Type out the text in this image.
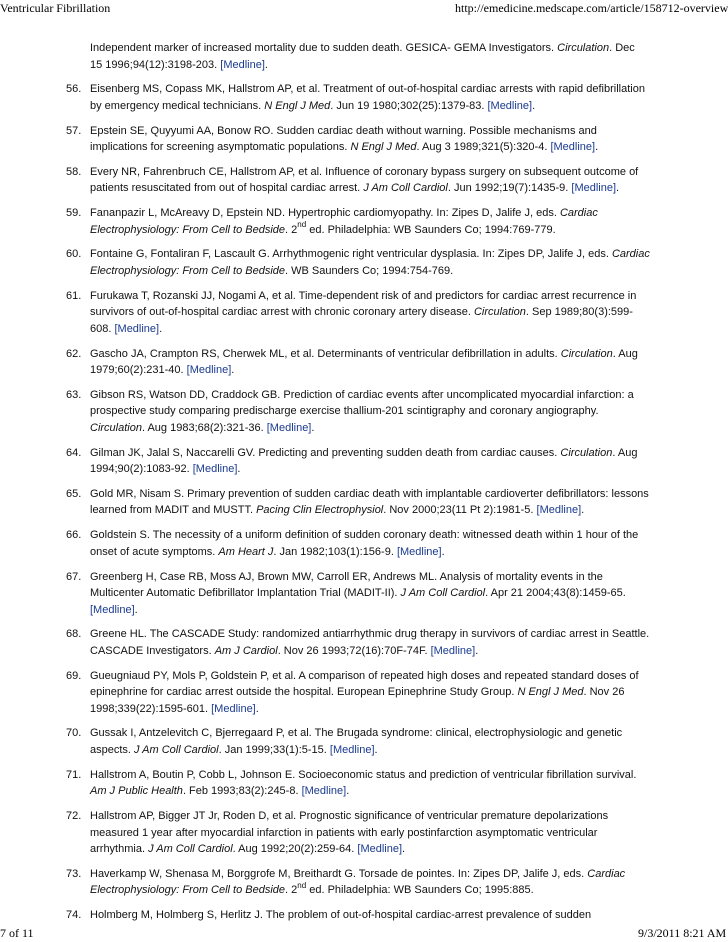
Ventricular Fibrillation	http://emedicine.medscape.com/article/158712-overview
Independent marker of increased mortality due to sudden death. GESICA- GEMA Investigators. Circulation. Dec 15 1996;94(12):3198-203. [Medline].
56. Eisenberg MS, Copass MK, Hallstrom AP, et al. Treatment of out-of-hospital cardiac arrests with rapid defibrillation by emergency medical technicians. N Engl J Med. Jun 19 1980;302(25):1379-83. [Medline].
57. Epstein SE, Quyyumi AA, Bonow RO. Sudden cardiac death without warning. Possible mechanisms and implications for screening asymptomatic populations. N Engl J Med. Aug 3 1989;321(5):320-4. [Medline].
58. Every NR, Fahrenbruch CE, Hallstrom AP, et al. Influence of coronary bypass surgery on subsequent outcome of patients resuscitated from out of hospital cardiac arrest. J Am Coll Cardiol. Jun 1992;19(7):1435-9. [Medline].
59. Fananpazir L, McAreavy D, Epstein ND. Hypertrophic cardiomyopathy. In: Zipes D, Jalife J, eds. Cardiac Electrophysiology: From Cell to Bedside. 2nd ed. Philadelphia: WB Saunders Co; 1994:769-779.
60. Fontaine G, Fontaliran F, Lascault G. Arrhythmogenic right ventricular dysplasia. In: Zipes DP, Jalife J, eds. Cardiac Electrophysiology: From Cell to Bedside. WB Saunders Co; 1994:754-769.
61. Furukawa T, Rozanski JJ, Nogami A, et al. Time-dependent risk of and predictors for cardiac arrest recurrence in survivors of out-of-hospital cardiac arrest with chronic coronary artery disease. Circulation. Sep 1989;80(3):599-608. [Medline].
62. Gascho JA, Crampton RS, Cherwek ML, et al. Determinants of ventricular defibrillation in adults. Circulation. Aug 1979;60(2):231-40. [Medline].
63. Gibson RS, Watson DD, Craddock GB. Prediction of cardiac events after uncomplicated myocardial infarction: a prospective study comparing predischarge exercise thallium-201 scintigraphy and coronary angiography. Circulation. Aug 1983;68(2):321-36. [Medline].
64. Gilman JK, Jalal S, Naccarelli GV. Predicting and preventing sudden death from cardiac causes. Circulation. Aug 1994;90(2):1083-92. [Medline].
65. Gold MR, Nisam S. Primary prevention of sudden cardiac death with implantable cardioverter defibrillators: lessons learned from MADIT and MUSTT. Pacing Clin Electrophysiol. Nov 2000;23(11 Pt 2):1981-5. [Medline].
66. Goldstein S. The necessity of a uniform definition of sudden coronary death: witnessed death within 1 hour of the onset of acute symptoms. Am Heart J. Jan 1982;103(1):156-9. [Medline].
67. Greenberg H, Case RB, Moss AJ, Brown MW, Carroll ER, Andrews ML. Analysis of mortality events in the Multicenter Automatic Defibrillator Implantation Trial (MADIT-II). J Am Coll Cardiol. Apr 21 2004;43(8):1459-65. [Medline].
68. Greene HL. The CASCADE Study: randomized antiarrhythmic drug therapy in survivors of cardiac arrest in Seattle. CASCADE Investigators. Am J Cardiol. Nov 26 1993;72(16):70F-74F. [Medline].
69. Gueugniaud PY, Mols P, Goldstein P, et al. A comparison of repeated high doses and repeated standard doses of epinephrine for cardiac arrest outside the hospital. European Epinephrine Study Group. N Engl J Med. Nov 26 1998;339(22):1595-601. [Medline].
70. Gussak I, Antzelevitch C, Bjerregaard P, et al. The Brugada syndrome: clinical, electrophysiologic and genetic aspects. J Am Coll Cardiol. Jan 1999;33(1):5-15. [Medline].
71. Hallstrom A, Boutin P, Cobb L, Johnson E. Socioeconomic status and prediction of ventricular fibrillation survival. Am J Public Health. Feb 1993;83(2):245-8. [Medline].
72. Hallstrom AP, Bigger JT Jr, Roden D, et al. Prognostic significance of ventricular premature depolarizations measured 1 year after myocardial infarction in patients with early postinfarction asymptomatic ventricular arrhythmia. J Am Coll Cardiol. Aug 1992;20(2):259-64. [Medline].
73. Haverkamp W, Shenasa M, Borggrofe M, Breithardt G. Torsade de pointes. In: Zipes DP, Jalife J, eds. Cardiac Electrophysiology: From Cell to Bedside. 2nd ed. Philadelphia: WB Saunders Co; 1995:885.
74. Holmberg M, Holmberg S, Herlitz J. The problem of out-of-hospital cardiac-arrest prevalence of sudden
7 of 11	9/3/2011 8:21 AM
